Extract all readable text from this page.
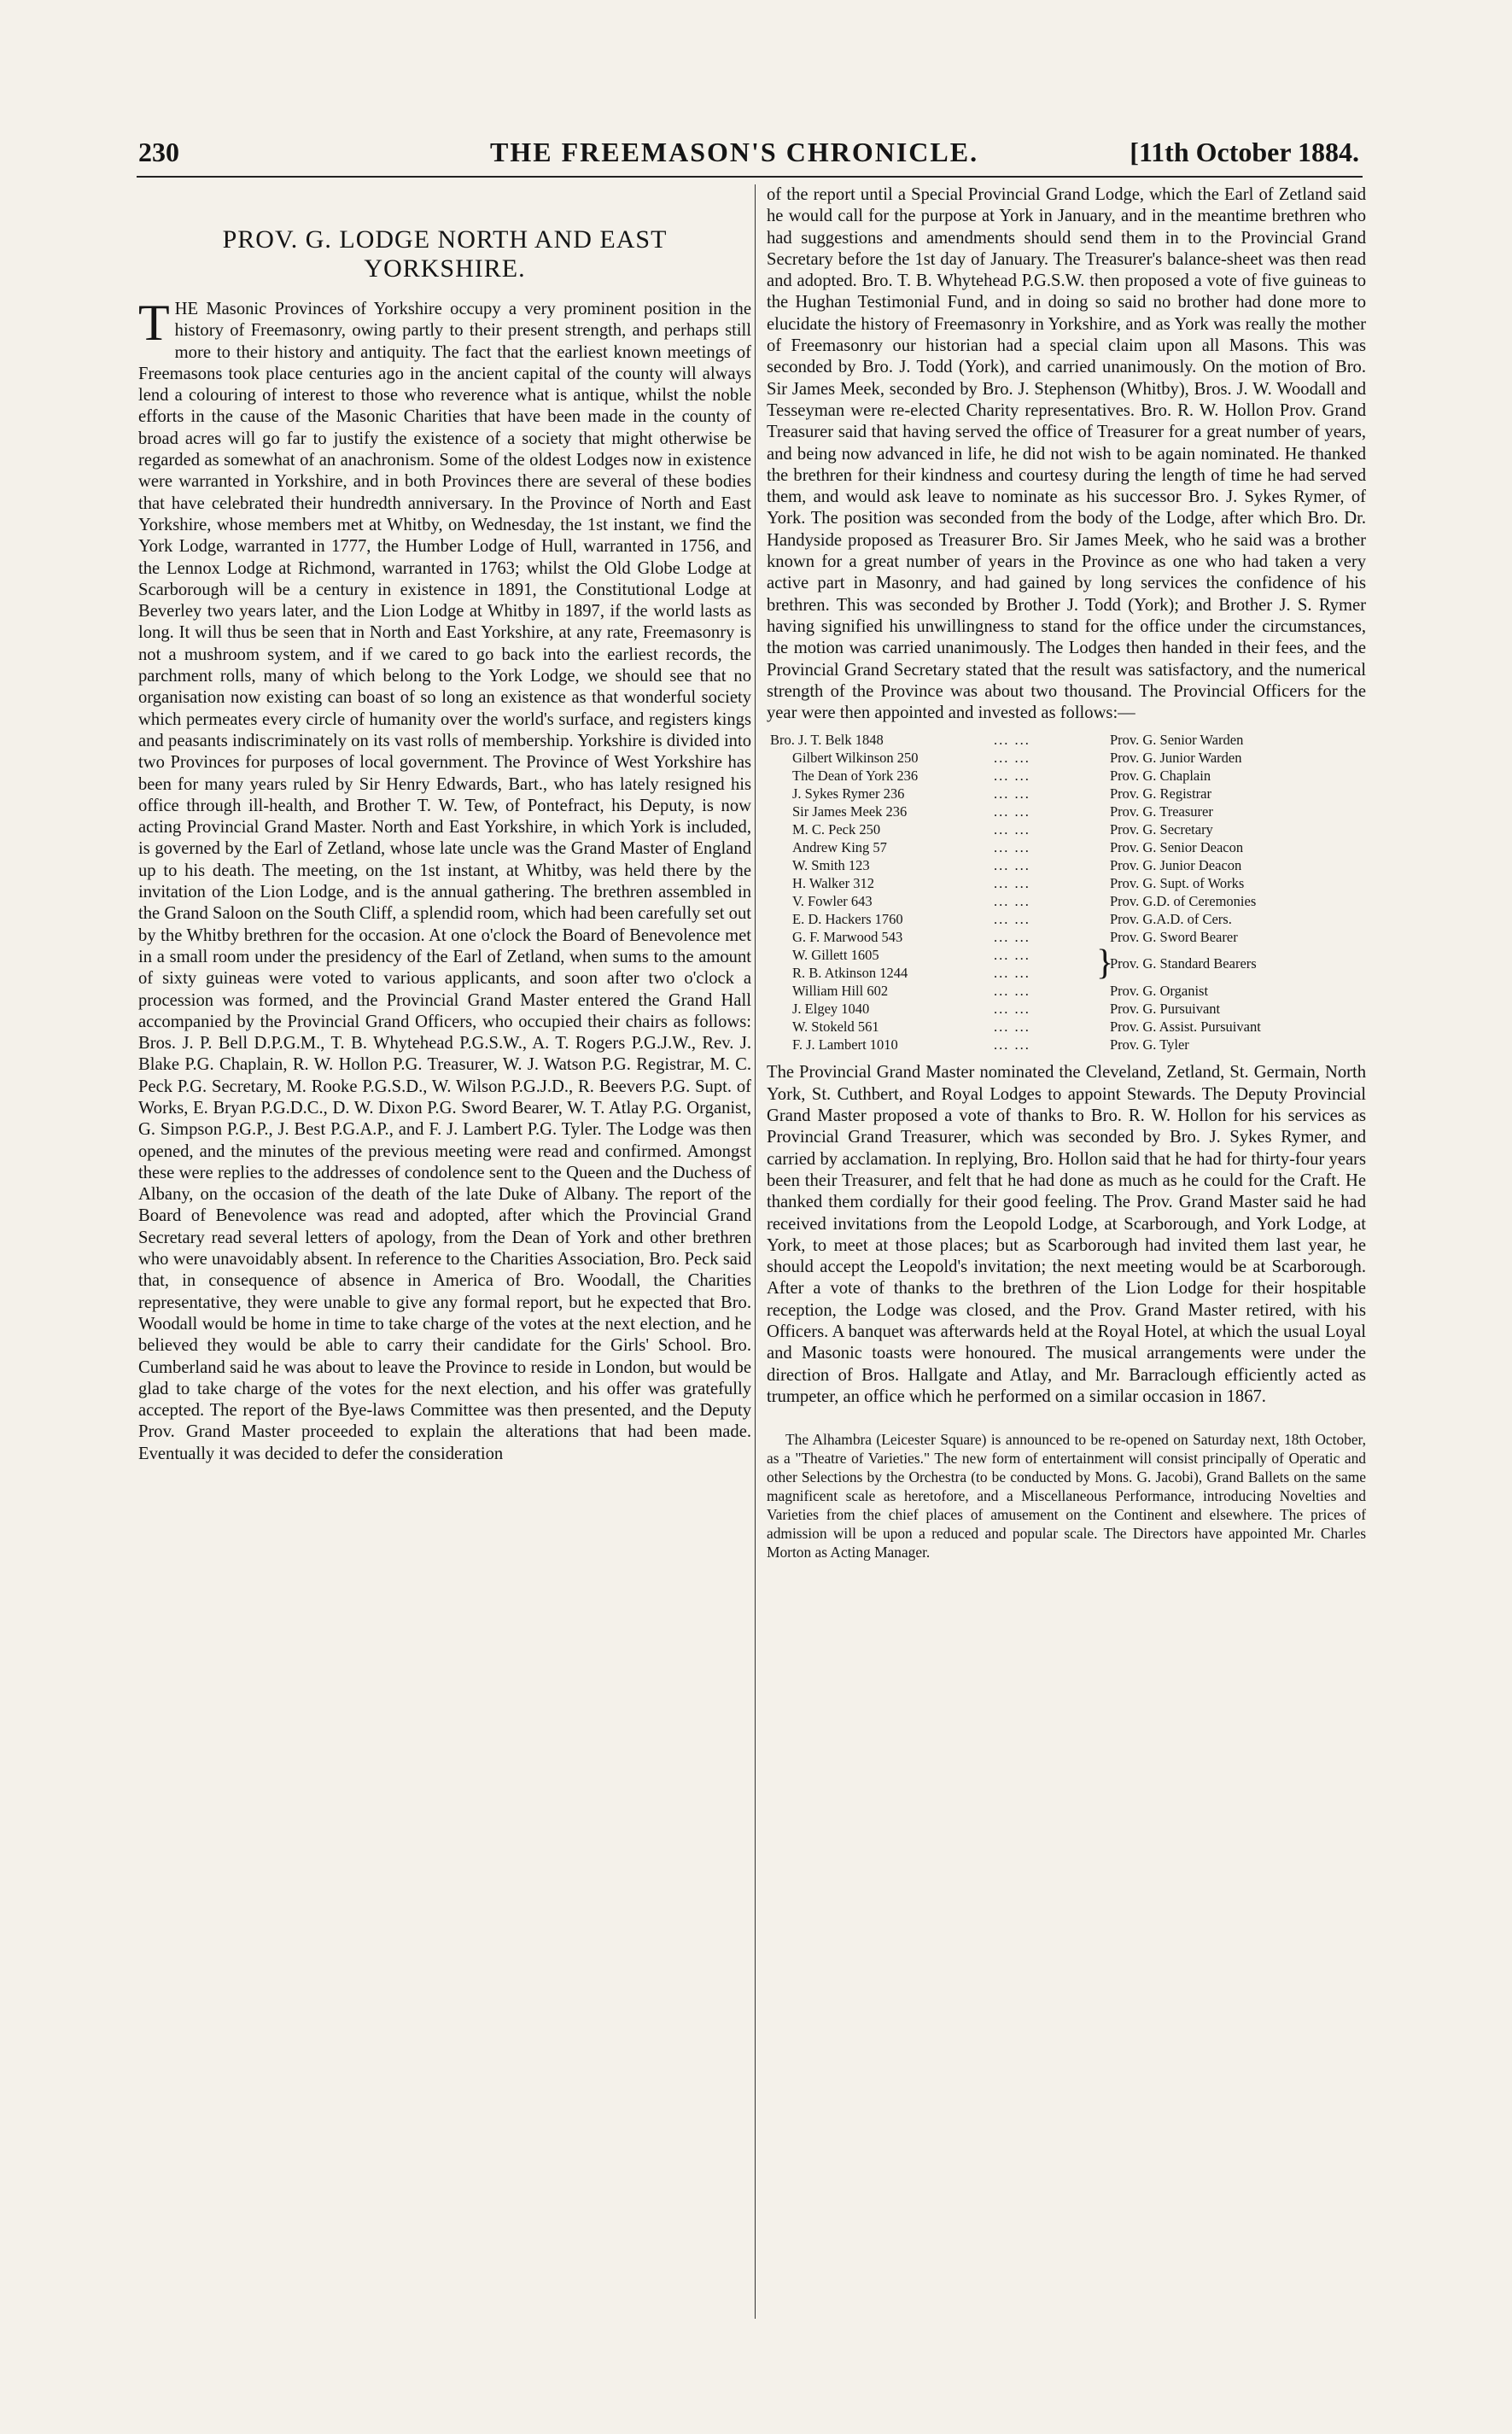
230	THE FREEMASON'S CHRONICLE.	[11th October 1884.
PROV. G. LODGE NORTH AND EAST
YORKSHIRE.

THE Masonic Provinces of Yorkshire occupy a very prominent position in the history of Freemasonry, owing partly to their present strength, and perhaps still more to their history and antiquity. The fact that the earliest known meetings of Freemasons took place centuries ago in the ancient capital of the county will always lend a colouring of interest to those who reverence what is antique, whilst the noble efforts in the cause of the Masonic Charities that have been made in the county of broad acres will go far to justify the existence of a society that might otherwise be regarded as somewhat of an anachronism. Some of the oldest Lodges now in existence were warranted in Yorkshire, and in both Provinces there are several of these bodies that have celebrated their hundredth anniversary. In the Province of North and East Yorkshire, whose members met at Whitby, on Wednesday, the 1st instant, we find the York Lodge, warranted in 1777, the Humber Lodge of Hull, warranted in 1756, and the Lennox Lodge at Richmond, warranted in 1763; whilst the Old Globe Lodge at Scarborough will be a century in existence in 1891, the Constitutional Lodge at Beverley two years later, and the Lion Lodge at Whitby in 1897, if the world lasts as long. It will thus be seen that in North and East Yorkshire, at any rate, Freemasonry is not a mushroom system, and if we cared to go back into the earliest records, the parchment rolls, many of which belong to the York Lodge, we should see that no organisation now existing can boast of so long an existence as that wonderful society which permeates every circle of humanity over the world's surface, and registers kings and peasants indiscriminately on its vast rolls of membership. Yorkshire is divided into two Provinces for purposes of local government. The Province of West Yorkshire has been for many years ruled by Sir Henry Edwards, Bart., who has lately resigned his office through ill-health, and Brother T. W. Tew, of Pontefract, his Deputy, is now acting Provincial Grand Master. North and East Yorkshire, in which York is included, is governed by the Earl of Zetland, whose late uncle was the Grand Master of England up to his death. The meeting, on the 1st instant, at Whitby, was held there by the invitation of the Lion Lodge, and is the annual gathering. The brethren assembled in the Grand Saloon on the South Cliff, a splendid room, which had been carefully set out by the Whitby brethren for the occasion. At one o'clock the Board of Benevolence met in a small room under the presidency of the Earl of Zetland, when sums to the amount of sixty guineas were voted to various applicants, and soon after two o'clock a procession was formed, and the Provincial Grand Master entered the Grand Hall accompanied by the Provincial Grand Officers, who occupied their chairs as follows: Bros. J. P. Bell D.P.G.M., T. B. Whytehead P.G.S.W., A. T. Rogers P.G.J.W., Rev. J. Blake P.G. Chaplain, R. W. Hollon P.G. Treasurer, W. J. Watson P.G. Registrar, M. C. Peck P.G. Secretary, M. Rooke P.G.S.D., W. Wilson P.G.J.D., R. Beevers P.G. Supt. of Works, E. Bryan P.G.D.C., D. W. Dixon P.G. Sword Bearer, W. T. Atlay P.G. Organist, G. Simpson P.G.P., J. Best P.G.A.P., and F. J. Lambert P.G. Tyler. The Lodge was then opened, and the minutes of the previous meeting were read and confirmed. Amongst these were replies to the addresses of condolence sent to the Queen and the Duchess of Albany, on the occasion of the death of the late Duke of Albany. The report of the Board of Benevolence was read and adopted, after which the Provincial Grand Secretary read several letters of apology, from the Dean of York and other brethren who were unavoidably absent. In reference to the Charities Association, Bro. Peck said that, in consequence of absence in America of Bro. Woodall, the Charities representative, they were unable to give any formal report, but he expected that Bro. Woodall would be home in time to take charge of the votes at the next election, and he believed they would be able to carry their candidate for the Girls' School. Bro. Cumberland said he was about to leave the Province to reside in London, but would be glad to take charge of the votes for the next election, and his offer was gratefully accepted. The report of the Bye-laws Committee was then presented, and the Deputy Prov. Grand Master proceeded to explain the alterations that had been made. Eventually it was decided to defer the consideration

of the report until a Special Provincial Grand Lodge, which the Earl of Zetland said he would call for the purpose at York in January, and in the meantime brethren who had suggestions and amendments should send them in to the Provincial Grand Secretary before the 1st day of January. The Treasurer's balance-sheet was then read and adopted. Bro. T. B. Whytehead P.G.S.W. then proposed a vote of five guineas to the Hughan Testimonial Fund, and in doing so said no brother had done more to elucidate the history of Freemasonry in Yorkshire, and as York was really the mother of Freemasonry our historian had a special claim upon all Masons. This was seconded by Bro. J. Todd (York), and carried unanimously. On the motion of Bro. Sir James Meek, seconded by Bro. J. Stephenson (Whitby), Bros. J. W. Woodall and Tesseyman were re-elected Charity representatives. Bro. R. W. Hollon Prov. Grand Treasurer said that having served the office of Treasurer for a great number of years, and being now advanced in life, he did not wish to be again nominated. He thanked the brethren for their kindness and courtesy during the length of time he had served them, and would ask leave to nominate as his successor Bro. J. Sykes Rymer, of York. The position was seconded from the body of the Lodge, after which Bro. Dr. Handyside proposed as Treasurer Bro. Sir James Meek, who he said was a brother known for a great number of years in the Province as one who had taken a very active part in Masonry, and had gained by long services the confidence of his brethren. This was seconded by Brother J. Todd (York); and Brother J. S. Rymer having signified his unwillingness to stand for the office under the circumstances, the motion was carried unanimously. The Lodges then handed in their fees, and the Provincial Grand Secretary stated that the result was satisfactory, and the numerical strength of the Province was about two thousand. The Provincial Officers for the year were then appointed and invested as follows:—

Bro. J. T. Belk 1848	... ...	Prov. G. Senior Warden
Gilbert Wilkinson 250	... ...	Prov. G. Junior Warden
The Dean of York 236	... ...	Prov. G. Chaplain
J. Sykes Rymer 236	... ...	Prov. G. Registrar
Sir James Meek 236	... ...	Prov. G. Treasurer
M. C. Peck 250	... ...	Prov. G. Secretary
Andrew King 57	... ...	Prov. G. Senior Deacon
W. Smith 123	... ...	Prov. G. Junior Deacon
H. Walker 312	... ...	Prov. G. Supt. of Works
V. Fowler 643	... ...	Prov. G.D. of Ceremonies
E. D. Hackers 1760	... ...	Prov. G.A.D. of Cers.
G. F. Marwood 543	... ...	Prov. G. Sword Bearer
W. Gillett 1605	... ...
R. B. Atkinson 1244	... ... }
Prov. G. Standard Bearers
William Hill 602	... ...	Prov. G. Organist
J. Elgey 1040	... ...	Prov. G. Pursuivant
W. Stokeld 561	... ...	Prov. G. Assist. Pursuivant
F. J. Lambert 1010	... ...	Prov. G. Tyler

The Provincial Grand Master nominated the Cleveland, Zetland, St. Germain, North York, St. Cuthbert, and Royal Lodges to appoint Stewards. The Deputy Provincial Grand Master proposed a vote of thanks to Bro. R. W. Hollon for his services as Provincial Grand Treasurer, which was seconded by Bro. J. Sykes Rymer, and carried by acclamation. In replying, Bro. Hollon said that he had for thirty-four years been their Treasurer, and felt that he had done as much as he could for the Craft. He thanked them cordially for their good feeling. The Prov. Grand Master said he had received invitations from the Leopold Lodge, at Scarborough, and York Lodge, at York, to meet at those places; but as Scarborough had invited them last year, he should accept the Leopold's invitation; the next meeting would be at Scarborough. After a vote of thanks to the brethren of the Lion Lodge for their hospitable reception, the Lodge was closed, and the Prov. Grand Master retired, with his Officers. A banquet was afterwards held at the Royal Hotel, at which the usual Loyal and Masonic toasts were honoured. The musical arrangements were under the direction of Bros. Hallgate and Atlay, and Mr. Barraclough efficiently acted as trumpeter, an office which he performed on a similar occasion in 1867.

The Alhambra (Leicester Square) is announced to be re-opened on Saturday next, 18th October, as a "Theatre of Varieties." The new form of entertainment will consist principally of Operatic and other Selections by the Orchestra (to be conducted by Mons. G. Jacobi), Grand Ballets on the same magnificent scale as heretofore, and a Miscellaneous Performance, introducing Novelties and Varieties from the chief places of amusement on the Continent and elsewhere. The prices of admission will be upon a reduced and popular scale. The Directors have appointed Mr. Charles Morton as Acting Manager.
